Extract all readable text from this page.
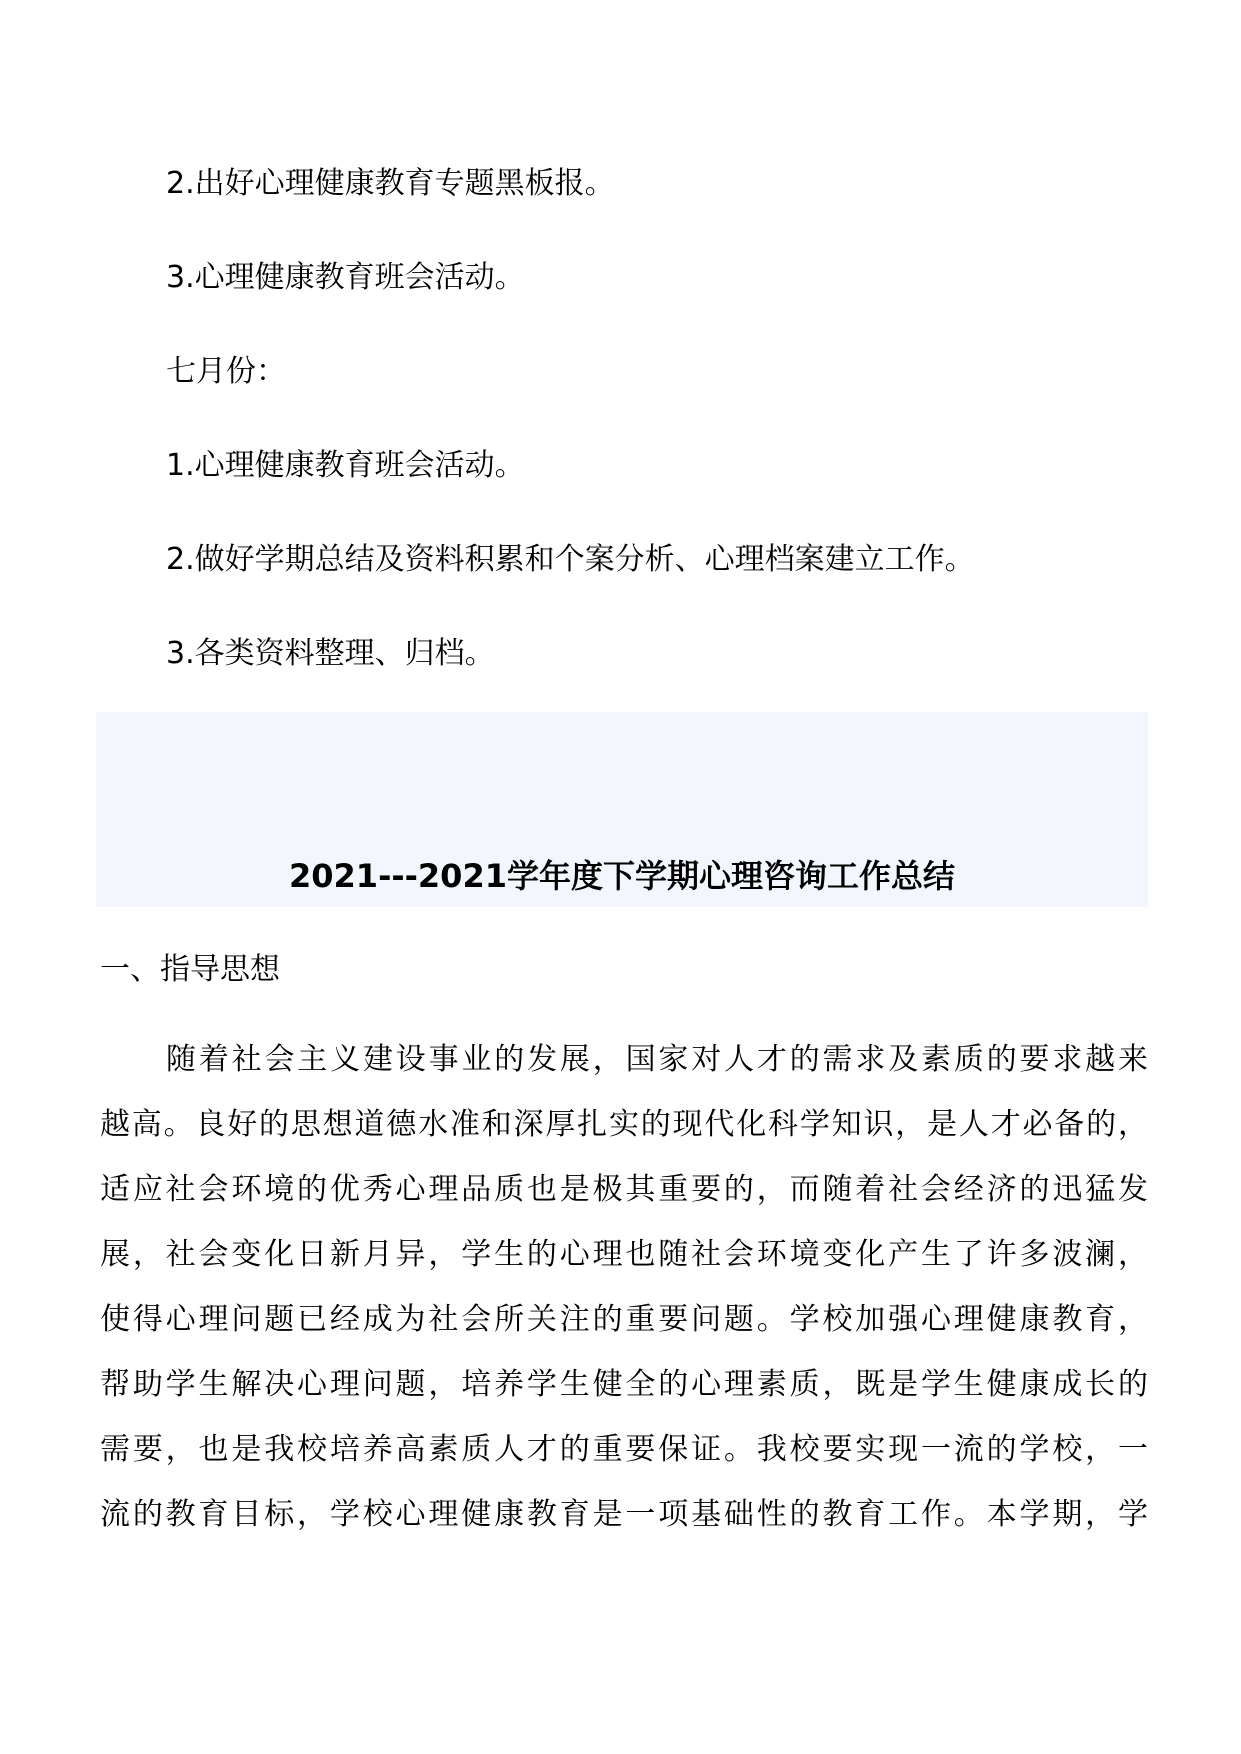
2.出好心理健康教育专题黑板报。
3.心理健康教育班会活动。
七月份：
1.心理健康教育班会活动。
2.做好学期总结及资料积累和个案分析、心理档案建立工作。
3.各类资料整理、归档。
2021---2021学年度下学期心理咨询工作总结
一、指导思想
随着社会主义建设事业的发展，国家对人才的需求及素质的要求越来
越高。良好的思想道德水准和深厚扎实的现代化科学知识，是人才必备的，
适应社会环境的优秀心理品质也是极其重要的，而随着社会经济的迅猛发
展，社会变化日新月异，学生的心理也随社会环境变化产生了许多波澜，
使得心理问题已经成为社会所关注的重要问题。学校加强心理健康教育，
帮助学生解决心理问题，培养学生健全的心理素质，既是学生健康成长的
需要，也是我校培养高素质人才的重要保证。我校要实现一流的学校，一
流的教育目标，学校心理健康教育是一项基础性的教育工作。本学期，学
